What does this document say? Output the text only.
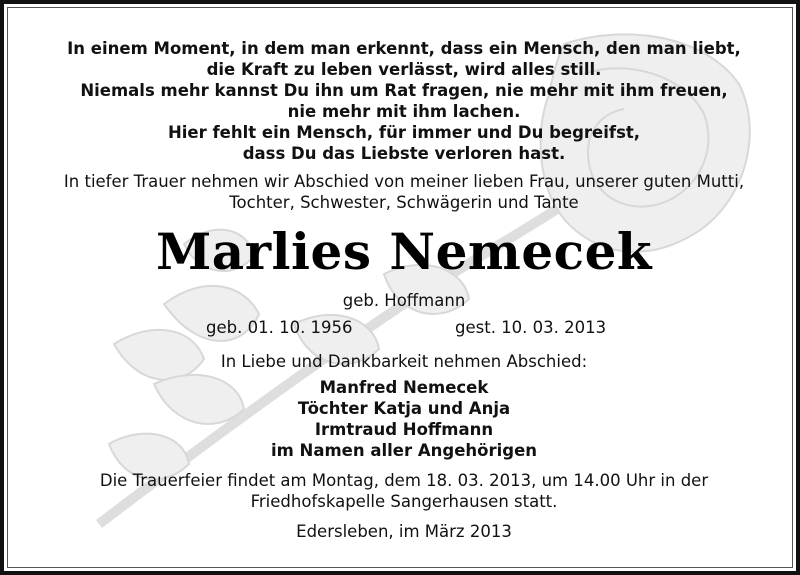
In einem Moment, in dem man erkennt, dass ein Mensch, den man liebt,
die Kraft zu leben verlässt, wird alles still.
Niemals mehr kannst Du ihn um Rat fragen, nie mehr mit ihm freuen,
nie mehr mit ihm lachen.
Hier fehlt ein Mensch, für immer und Du begreifst,
dass Du das Liebste verloren hast.
In tiefer Trauer nehmen wir Abschied von meiner lieben Frau, unserer guten Mutti,
Tochter, Schwester, Schwägerin und Tante
Marlies Nemecek
geb. Hoffmann
geb. 01. 10. 1956	gest. 10. 03. 2013
In Liebe und Dankbarkeit nehmen Abschied:
Manfred Nemecek
Töchter Katja und Anja
Irmtraud Hoffmann
im Namen aller Angehörigen
Die Trauerfeier findet am Montag, dem 18. 03. 2013, um 14.00 Uhr in der
Friedhofskapelle Sangerhausen statt.
Edersleben, im März 2013
